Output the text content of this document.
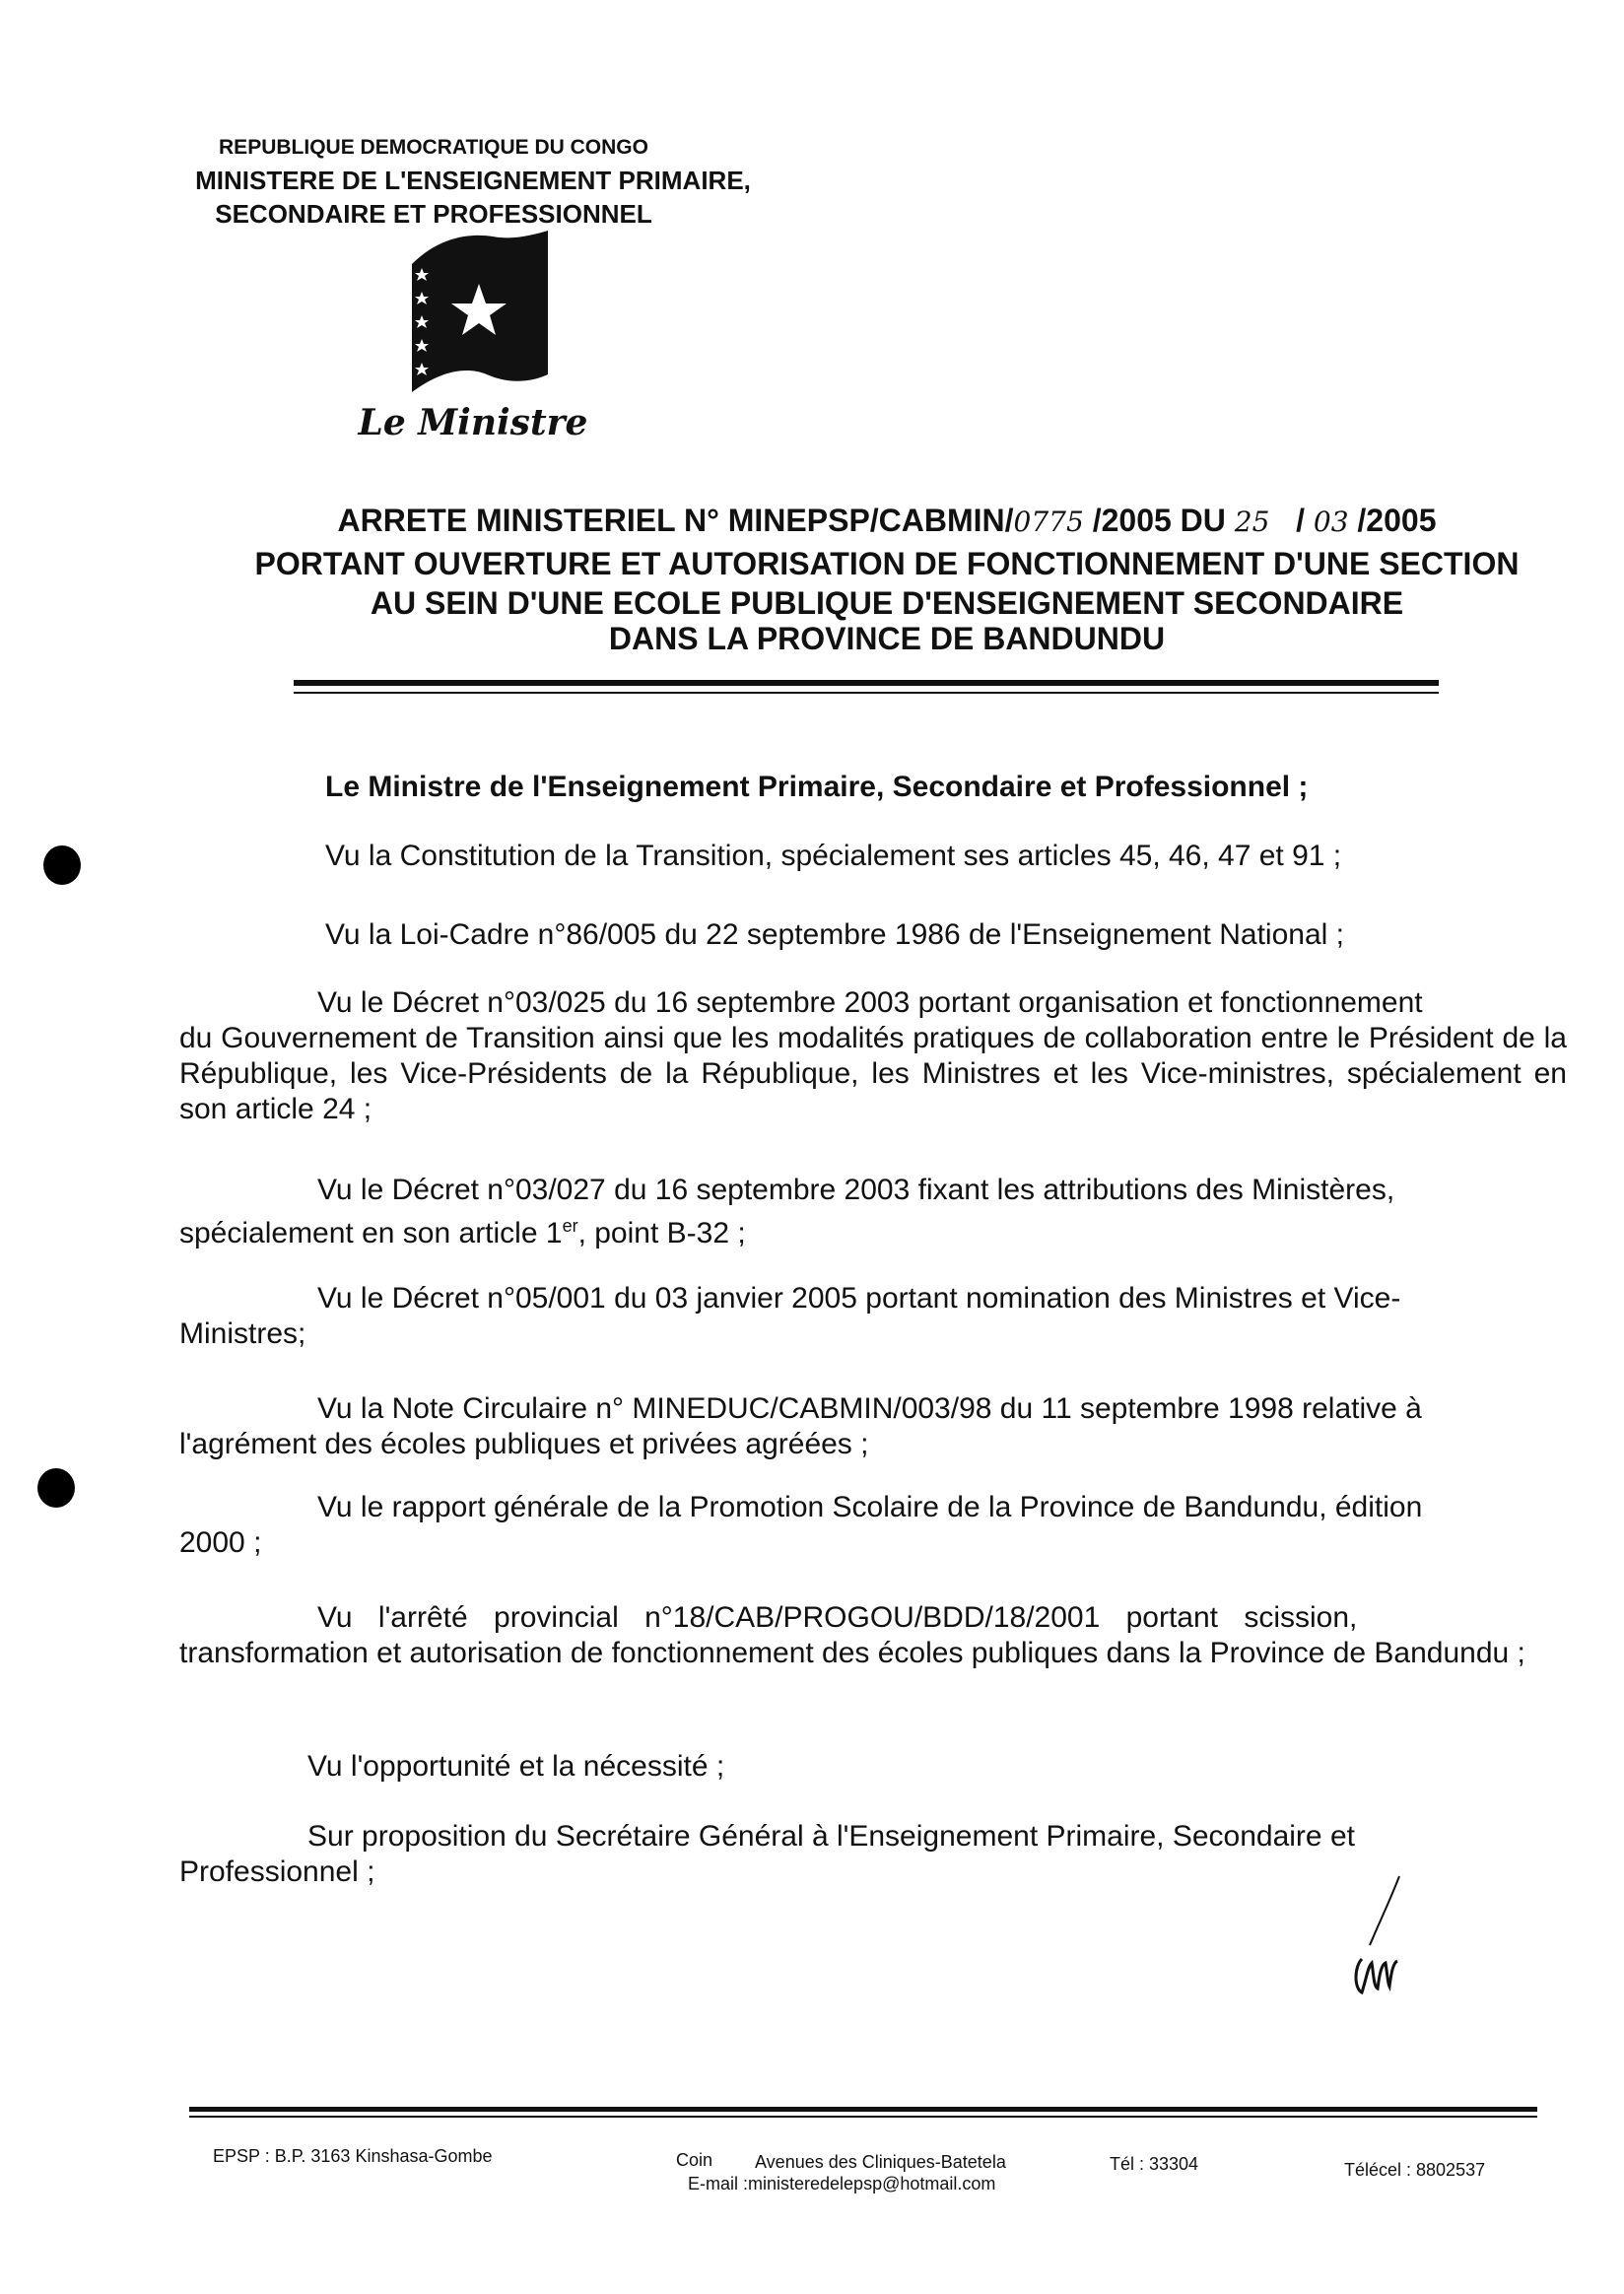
REPUBLIQUE DEMOCRATIQUE DU CONGO
MINISTERE DE L'ENSEIGNEMENT PRIMAIRE,
SECONDAIRE ET PROFESSIONNEL
Le Ministre
ARRETE MINISTERIEL N° MINEPSP/CABMIN/0775 /2005 DU 25 / 03 /2005
PORTANT OUVERTURE ET AUTORISATION DE FONCTIONNEMENT D'UNE SECTION
AU SEIN D'UNE ECOLE PUBLIQUE D'ENSEIGNEMENT SECONDAIRE
DANS LA PROVINCE DE BANDUNDU
Le Ministre de l'Enseignement Primaire, Secondaire et Professionnel ;
Vu la Constitution de la Transition, spécialement ses articles 45, 46, 47 et 91 ;
Vu la Loi-Cadre n°86/005 du 22 septembre 1986 de l'Enseignement National ;
Vu le Décret n°03/025 du 16 septembre 2003 portant organisation et fonctionnement
du Gouvernement de Transition ainsi que les modalités pratiques de collaboration entre le Président de la République, les Vice-Présidents de la République, les Ministres et les Vice-ministres, spécialement en son article 24 ;
Vu le Décret n°03/027 du 16 septembre 2003 fixant les attributions des Ministères,
spécialement en son article 1er, point B-32 ;
Vu le Décret n°05/001 du 03 janvier 2005 portant nomination des Ministres et Vice-
Ministres;
Vu la Note Circulaire n° MINEDUC/CABMIN/003/98 du 11 septembre 1998 relative à
l'agrément des écoles publiques et privées agréées ;
Vu le rapport générale de la Promotion Scolaire de la Province de Bandundu, édition
2000 ;
Vu l'arrêté provincial n°18/CAB/PROGOU/BDD/18/2001 portant scission,
transformation et autorisation de fonctionnement des écoles publiques dans la Province de Bandundu ;
Vu l'opportunité et la nécessité ;
Sur proposition du Secrétaire Général à l'Enseignement Primaire, Secondaire et
Professionnel ;
EPSP : B.P. 3163 Kinshasa-Gombe	Coin Avenues des Cliniques-Batetela
E-mail :ministeredelepsp@hotmail.com
Tél : 33304	Télécel : 8802537
